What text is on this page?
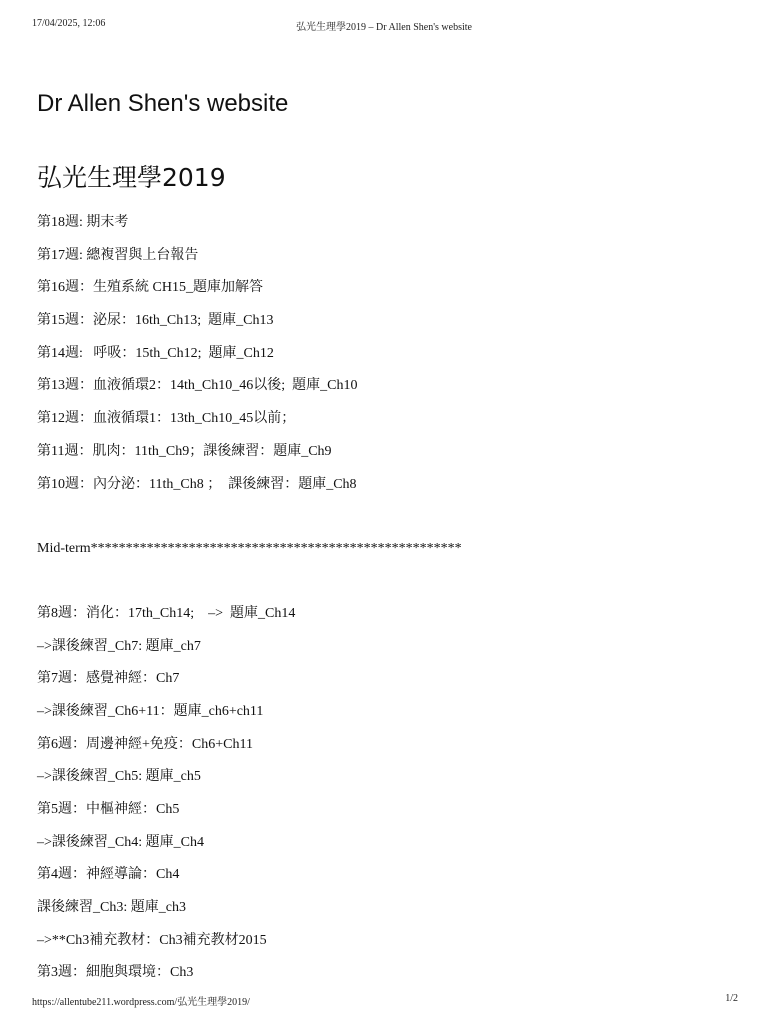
17/04/2025, 12:06	弘光生理學2019 – Dr Allen Shen's website
Dr Allen Shen's website
弘光生理學2019
第18週: 期末考
第17週: 總複習與上台報告
第16週：生殖系統 CH15_題庫加解答
第15週：泌尿：16th_Ch13;  題庫_Ch13
第14週:   呼吸：15th_Ch12;  題庫_Ch12
第13週：血液循環2：14th_Ch10_46以後;  題庫_Ch10
第12週：血液循環1：13th_Ch10_45以前；
第11週：肌肉：11th_Ch9；課後練習：題庫_Ch9
第10週：內分泌：11th_Ch8 ；  課後練習：題庫_Ch8
Mid-term*****************************************************
第8週：消化：17th_Ch14;    –>  題庫_Ch14
–>課後練習_Ch7: 題庫_ch7
第7週：感覺神經：Ch7
–>課後練習_Ch6+11：題庫_ch6+ch11
第6週：周邊神經+免疫：Ch6+Ch11
–>課後練習_Ch5: 題庫_ch5
第5週：中樞神經：Ch5
–>課後練習_Ch4: 題庫_Ch4
第4週：神經導論：Ch4
課後練習_Ch3: 題庫_ch3
–>**Ch3補充教材：Ch3補充教材2015
第3週：細胞與環境：Ch3
https://allentube211.wordpress.com/弘光生理學2019/	1/2
